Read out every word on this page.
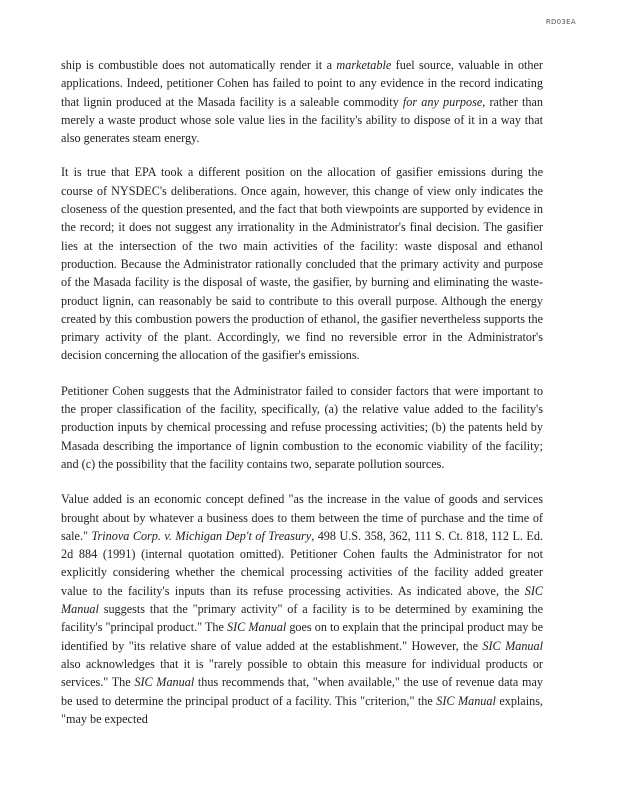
RD03EA

ship is combustible does not automatically render it a marketable fuel source, valuable in other applications. Indeed, petitioner Cohen has failed to point to any evidence in the record indicating that lignin produced at the Masada facility is a saleable commodity for any purpose, rather than merely a waste product whose sole value lies in the facility's ability to dispose of it in a way that also generates steam energy.

It is true that EPA took a different position on the allocation of gasifier emissions during the course of NYSDEC's deliberations. Once again, however, this change of view only indicates the closeness of the question presented, and the fact that both viewpoints are supported by evidence in the record; it does not suggest any irrationality in the Administrator's final decision. The gasifier lies at the intersection of the two main activities of the facility: waste disposal and ethanol production. Because the Administrator rationally concluded that the primary activity and purpose of the Masada facility is the disposal of waste, the gasifier, by burning and eliminating the waste-product lignin, can reasonably be said to contribute to this overall purpose. Although the energy created by this combustion powers the production of ethanol, the gasifier nevertheless supports the primary activity of the plant. Accordingly, we find no reversible error in the Administrator's decision concerning the allocation of the gasifier's emissions.

Petitioner Cohen suggests that the Administrator failed to consider factors that were important to the proper classification of the facility, specifically, (a) the relative value added to the facility's production inputs by chemical processing and refuse processing activities; (b) the patents held by Masada describing the importance of lignin combustion to the economic viability of the facility; and (c) the possibility that the facility contains two, separate pollution sources.

Value added is an economic concept defined "as the increase in the value of goods and services brought about by whatever a business does to them between the time of purchase and the time of sale." Trinova Corp. v. Michigan Dep't of Treasury, 498 U.S. 358, 362, 111 S. Ct. 818, 112 L. Ed. 2d 884 (1991) (internal quotation omitted). Petitioner Cohen faults the Administrator for not explicitly considering whether the chemical processing activities of the facility added greater value to the facility's inputs than its refuse processing activities. As indicated above, the SIC Manual suggests that the "primary activity" of a facility is to be determined by examining the facility's "principal product." The SIC Manual goes on to explain that the principal product may be identified by "its relative share of value added at the establishment." However, the SIC Manual also acknowledges that it is "rarely possible to obtain this measure for individual products or services." The SIC Manual thus recommends that, "when available," the use of revenue data may be used to determine the principal product of a facility. This "criterion," the SIC Manual explains, "may be expected
